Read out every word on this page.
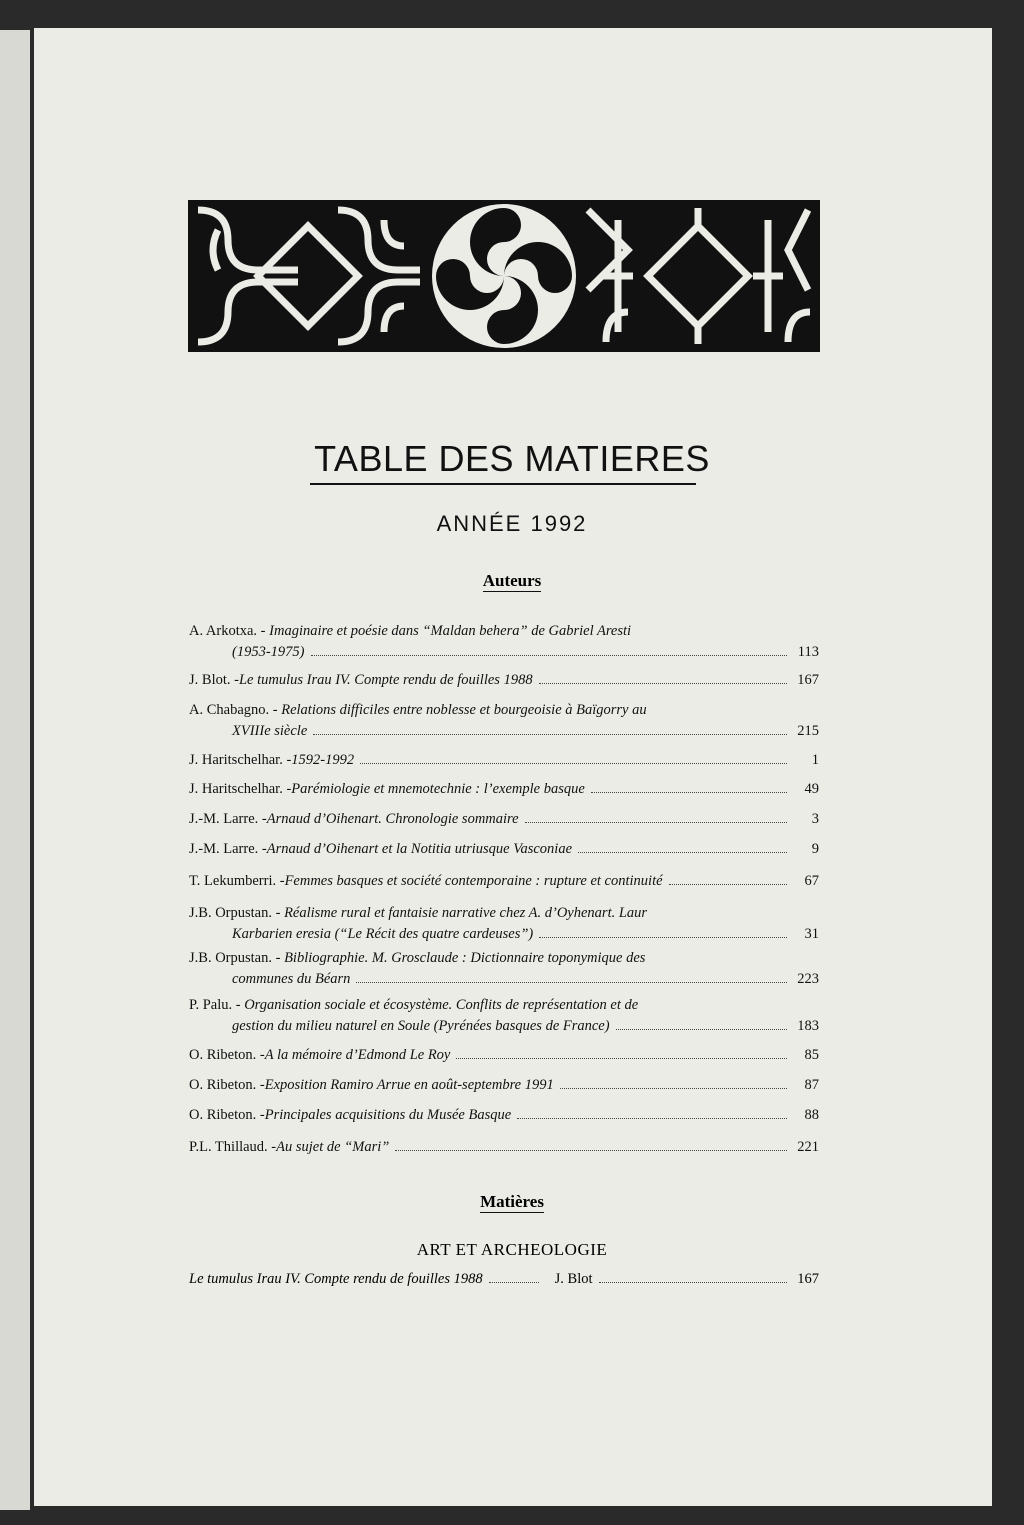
TABLE DES MATIERES
ANNÉE 1992
Auteurs
A. Arkotxa. - Imaginaire et poésie dans “Maldan behera” de Gabriel Aresti
(1953-1975)	113
J. Blot. - Le tumulus Irau IV. Compte rendu de fouilles 1988	167
A. Chabagno. - Relations difficiles entre noblesse et bourgeoisie à Baïgorry au
XVIIIe siècle	215
J. Haritschelhar. - 1592-1992	1
J. Haritschelhar. - Parémiologie et mnemotechnie : l’exemple basque	49
J.-M. Larre. - Arnaud d’Oihenart. Chronologie sommaire	3
J.-M. Larre. - Arnaud d’Oihenart et la Notitia utriusque Vasconiae	9
T. Lekumberri. - Femmes basques et société contemporaine : rupture et continuité	67
J.B. Orpustan. - Réalisme rural et fantaisie narrative chez A. d’Oyhenart. Laur
Karbarien eresia (“Le Récit des quatre cardeuses”)	31
J.B. Orpustan. - Bibliographie. M. Grosclaude : Dictionnaire toponymique des
communes du Béarn	223
P. Palu. - Organisation sociale et écosystème. Conflits de représentation et de
gestion du milieu naturel en Soule (Pyrénées basques de France)	183
O. Ribeton. - A la mémoire d’Edmond Le Roy	85
O. Ribeton. - Exposition Ramiro Arrue en août-septembre 1991	87
O. Ribeton. - Principales acquisitions du Musée Basque	88
P.L. Thillaud. - Au sujet de “Mari”	221
Matières
ART ET ARCHEOLOGIE
Le tumulus Irau IV. Compte rendu de fouilles 1988	J. Blot	167
